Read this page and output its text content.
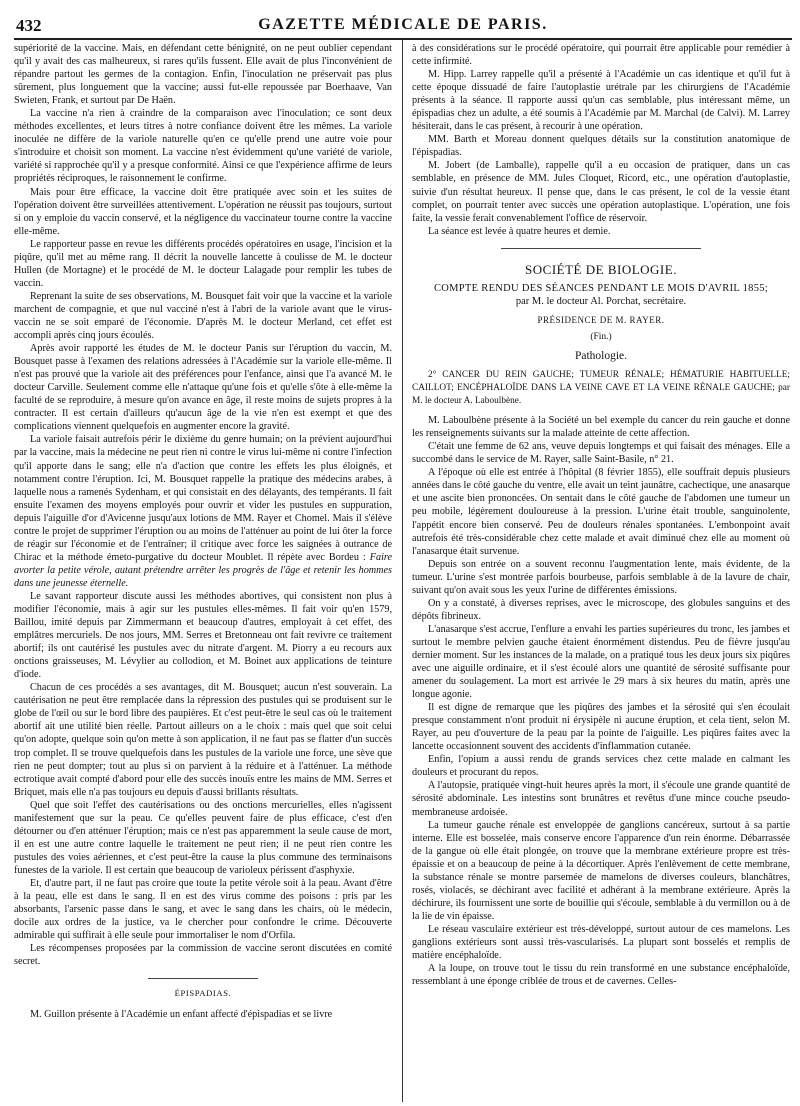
432	GAZETTE MÉDICALE DE PARIS.

supériorité de la vaccine. Mais, en défendant cette bénignité, on ne peut oublier cependant qu'il y avait des cas malheureux, si rares qu'ils fussent. Elle avait de plus l'inconvénient de répandre partout les germes de la contagion. Enfin, l'inoculation ne préservait pas plus sûrement, plus longuement que la vaccine; aussi fut-elle repoussée par Boerhaave, Van Swieten, Frank, et surtout par De Haën.

La vaccine n'a rien à craindre de la comparaison avec l'inoculation; ce sont deux méthodes excellentes, et leurs titres à notre confiance doivent être les mêmes. La variole inoculée ne diffère de la variole naturelle qu'en ce qu'elle prend une autre voie pour s'introduire et choisit son moment. La vaccine n'est évidemment qu'une variété de variole, variété si rapprochée qu'il y a presque conformité. Ainsi ce que l'expérience affirme de leurs propriétés réciproques, le raisonnement le confirme.

Mais pour être efficace, la vaccine doit être pratiquée avec soin et les suites de l'opération doivent être surveillées attentivement. L'opération ne réussit pas toujours, surtout si on y emploie du vaccin conservé, et la négligence du vaccinateur tourne contre la vaccine elle-même.

Le rapporteur passe en revue les différents procédés opératoires en usage, l'incision et la piqûre, qu'il met au même rang. Il décrit la nouvelle lancette à coulisse de M. le docteur Hullen (de Mortagne) et le procédé de M. le docteur Lalagade pour remplir les tubes de vaccin.

Reprenant la suite de ses observations, M. Bousquet fait voir que la vaccine et la variole marchent de compagnie, et que nul vacciné n'est à l'abri de la variole avant que le virus-vaccin ne se soit emparé de l'économie. D'après M. le docteur Merland, cet effet est accompli après cinq jours écoulés.

Après avoir rapporté les études de M. le docteur Panis sur l'éruption du vaccin, M. Bousquet passe à l'examen des relations adressées à l'Académie sur la variole elle-même. Il n'est pas prouvé que la variole ait des préférences pour l'enfance, ainsi que l'a avancé M. le docteur Carville. Seulement comme elle n'attaque qu'une fois et qu'elle s'ôte à elle-même la faculté de se reproduire, à mesure qu'on avance en âge, il reste moins de sujets propres à la contracter. Il est certain d'ailleurs qu'aucun âge de la vie n'en est exempt et que des complications viennent quelquefois en augmenter encore la gravité.

La variole faisait autrefois périr le dixième du genre humain; on la prévient aujourd'hui par la vaccine, mais la médecine ne peut rien ni contre le virus lui-même ni contre l'infection qu'il apporte dans le sang; elle n'a d'action que contre les effets les plus éloignés, et notamment contre l'éruption. Ici, M. Bousquet rappelle la pratique des médecins arabes, à laquelle nous a ramenés Sydenham, et qui consistait en des délayants, des tempérants. Il fait ensuite l'examen des moyens employés pour ouvrir et vider les pustules en suppuration, depuis l'aiguille d'or d'Avicenne jusqu'aux lotions de MM. Rayer et Chomel. Mais il s'élève contre le projet de supprimer l'éruption ou au moins de l'atténuer au point de lui ôter la force de réagir sur l'économie et de l'entraîner; il critique avec force les saignées à outrance de Chirac et la méthode émeto-purgative du docteur Moublet. Il répète avec Bordeu : Faire avorter la petite vérole, autant prétendre arrêter les progrès de l'âge et retenir les hommes dans une jeunesse éternelle.

Le savant rapporteur discute aussi les méthodes abortives, qui consistent non plus à modifier l'économie, mais à agir sur les pustules elles-mêmes. Il fait voir qu'en 1579, Baillou, imité depuis par Zimmermann et beaucoup d'autres, employait à cet effet, des emplâtres mercuriels. De nos jours, MM. Serres et Bretonneau ont fait revivre ce traitement abortif; ils ont cautérisé les pustules avec du nitrate d'argent. M. Piorry a eu recours aux onctions graisseuses, M. Lévylier au collodion, et M. Boinet aux applications de teinture d'iode.

Chacun de ces procédés a ses avantages, dit M. Bousquet; aucun n'est souverain. La cautérisation ne peut être remplacée dans la répression des pustules qui se produisent sur le globe de l'œil ou sur le bord libre des paupières. Et c'est peut-être le seul cas où le traitement abortif ait une utilité bien réelle. Partout ailleurs on a le choix : mais quel que soit celui qu'on adopte, quelque soin qu'on mette à son application, il ne faut pas se flatter d'un succès trop complet. Il se trouve quelquefois dans les pustules de la variole une force, une sève que rien ne peut dompter; tout au plus si on parvient à la réduire et à l'atténuer. La méthode ectrotique avait compté d'abord pour elle des succès inouïs entre les mains de MM. Serres et Briquet, mais elle n'a pas toujours eu depuis d'aussi brillants résultats.

Quel que soit l'effet des cautérisations ou des onctions mercurielles, elles n'agissent manifestement que sur la peau. Ce qu'elles peuvent faire de plus efficace, c'est d'en détourner ou d'en atténuer l'éruption; mais ce n'est pas apparemment la seule cause de mort, il en est une autre contre laquelle le traitement ne peut rien; il ne peut rien contre les pustules des voies aériennes, et c'est peut-être la cause la plus commune des terminaisons funestes de la variole. Il est certain que beaucoup de varioleux périssent d'asphyxie.

Et, d'autre part, il ne faut pas croire que toute la petite vérole soit à la peau. Avant d'être à la peau, elle est dans le sang. Il en est des virus comme des poisons : pris par les absorbants, l'arsenic passe dans le sang, et avec le sang dans les chairs, où le médecin, docile aux ordres de la justice, va le chercher pour confondre le crime. Découverte admirable qui suffirait à elle seule pour immortaliser le nom d'Orfila.

Les récompenses proposées par la commission de vaccine seront discutées en comité secret.

ÉPISPADIAS.

M. Guillon présente à l'Académie un enfant affecté d'épispadias et se livre

à des considérations sur le procédé opératoire, qui pourrait être applicable pour remédier à cette infirmité.

M. Hipp. Larrey rappelle qu'il a présenté à l'Académie un cas identique et qu'il fut à cette époque dissuadé de faire l'autoplastie urétrale par les chirurgiens de l'Académie présents à la séance. Il rapporte aussi qu'un cas semblable, plus intéressant même, un épispadias chez un adulte, a été soumis à l'Académie par M. Marchal (de Calvi). M. Larrey hésiterait, dans le cas présent, à recourir à une opération.

MM. Barth et Moreau donnent quelques détails sur la constitution anatomique de l'épispadias.

M. Jobert (de Lamballe), rappelle qu'il a eu occasion de pratiquer, dans un cas semblable, en présence de MM. Jules Cloquet, Ricord, etc., une opération d'autoplastie, suivie d'un résultat heureux. Il pense que, dans le cas présent, le col de la vessie étant complet, on pourrait tenter avec succès une opération autoplastique. L'opération, une fois faite, la vessie ferait convenablement l'office de réservoir.

La séance est levée à quatre heures et demie.

SOCIÉTÉ DE BIOLOGIE.

COMPTE RENDU DES SÉANCES PENDANT LE MOIS D'AVRIL 1855;
par M. le docteur Al. Porchat, secrétaire.

PRÉSIDENCE DE M. RAYER.

(Fin.)

Pathologie.

2° CANCER DU REIN GAUCHE; TUMEUR RÉNALE; HÉMATURIE HABITUELLE; CAILLOT; ENCÉPHALOÏDE DANS LA VEINE CAVE ET LA VEINE RÉNALE GAUCHE; par M. le docteur A. Laboulbène.

M. Laboulbène présente à la Société un bel exemple du cancer du rein gauche et donne les renseignements suivants sur la malade atteinte de cette affection.

C'était une femme de 62 ans, veuve depuis longtemps et qui faisait des ménages. Elle a succombé dans le service de M. Rayer, salle Saint-Basile, n° 21.

A l'époque où elle est entrée à l'hôpital (8 février 1855), elle souffrait depuis plusieurs années dans le côté gauche du ventre, elle avait un teint jaunâtre, cachectique, une anasarque et une ascite bien prononcées. On sentait dans le côté gauche de l'abdomen une tumeur un peu mobile, légèrement douloureuse à la pression. L'urine était trouble, sanguinolente, l'appétit encore bien conservé. Peu de douleurs rénales spontanées. L'embonpoint avait autrefois été très-considérable chez cette malade et avait diminué chez elle au moment où l'anasarque était survenue.

Depuis son entrée on a souvent reconnu l'augmentation lente, mais évidente, de la tumeur. L'urine s'est montrée parfois bourbeuse, parfois semblable à de la lavure de chair, suivant qu'on avait sous les yeux l'urine de différentes émissions.

On y a constaté, à diverses reprises, avec le microscope, des globules sanguins et des dépôts fibrineux.

L'anasarque s'est accrue, l'enflure a envahi les parties supérieures du tronc, les jambes et surtout le membre pelvien gauche étaient énormément distendus. Peu de fièvre jusqu'au dernier moment. Sur les instances de la malade, on a pratiqué tous les deux jours six piqûres avec une aiguille ordinaire, et il s'est écoulé alors une quantité de sérosité suffisante pour amener du soulagement. La mort est arrivée le 29 mars à six heures du matin, après une longue agonie.

Il est digne de remarque que les piqûres des jambes et la sérosité qui s'en écoulait presque constamment n'ont produit ni érysipèle ni aucune éruption, et cela tient, selon M. Rayer, au peu d'ouverture de la peau par la pointe de l'aiguille. Les piqûres faites avec la lancette occasionnent souvent des accidents d'inflammation cutanée.

Enfin, l'opium a aussi rendu de grands services chez cette malade en calmant les douleurs et procurant du repos.

A l'autopsie, pratiquée vingt-huit heures après la mort, il s'écoule une grande quantité de sérosité abdominale. Les intestins sont brunâtres et revêtus d'une mince couche pseudo-membraneuse ardoisée.

La tumeur gauche rénale est enveloppée de ganglions cancéreux, surtout à sa partie interne. Elle est bosselée, mais conserve encore l'apparence d'un rein énorme. Débarrassée de la gangue où elle était plongée, on trouve que la membrane extérieure propre est très-épaissie et on a beaucoup de peine à la décortiquer. Après l'enlèvement de cette membrane, la substance rénale se montre parsemée de mamelons de diverses couleurs, blanchâtres, rosés, violacés, se déchirant avec facilité et adhérant à la membrane extérieure. Après la déchirure, ils fournissent une sorte de bouillie qui s'écoule, semblable à du vermillon ou à de la lie de vin épaisse.

Le réseau vasculaire extérieur est très-développé, surtout autour de ces mamelons. Les ganglions extérieurs sont aussi très-vascularisés. La plupart sont bosselés et remplis de matière encéphaloïde.

A la loupe, on trouve tout le tissu du rein transformé en une substance encéphaloïde, ressemblant à une éponge criblée de trous et de cavernes. Celles-
